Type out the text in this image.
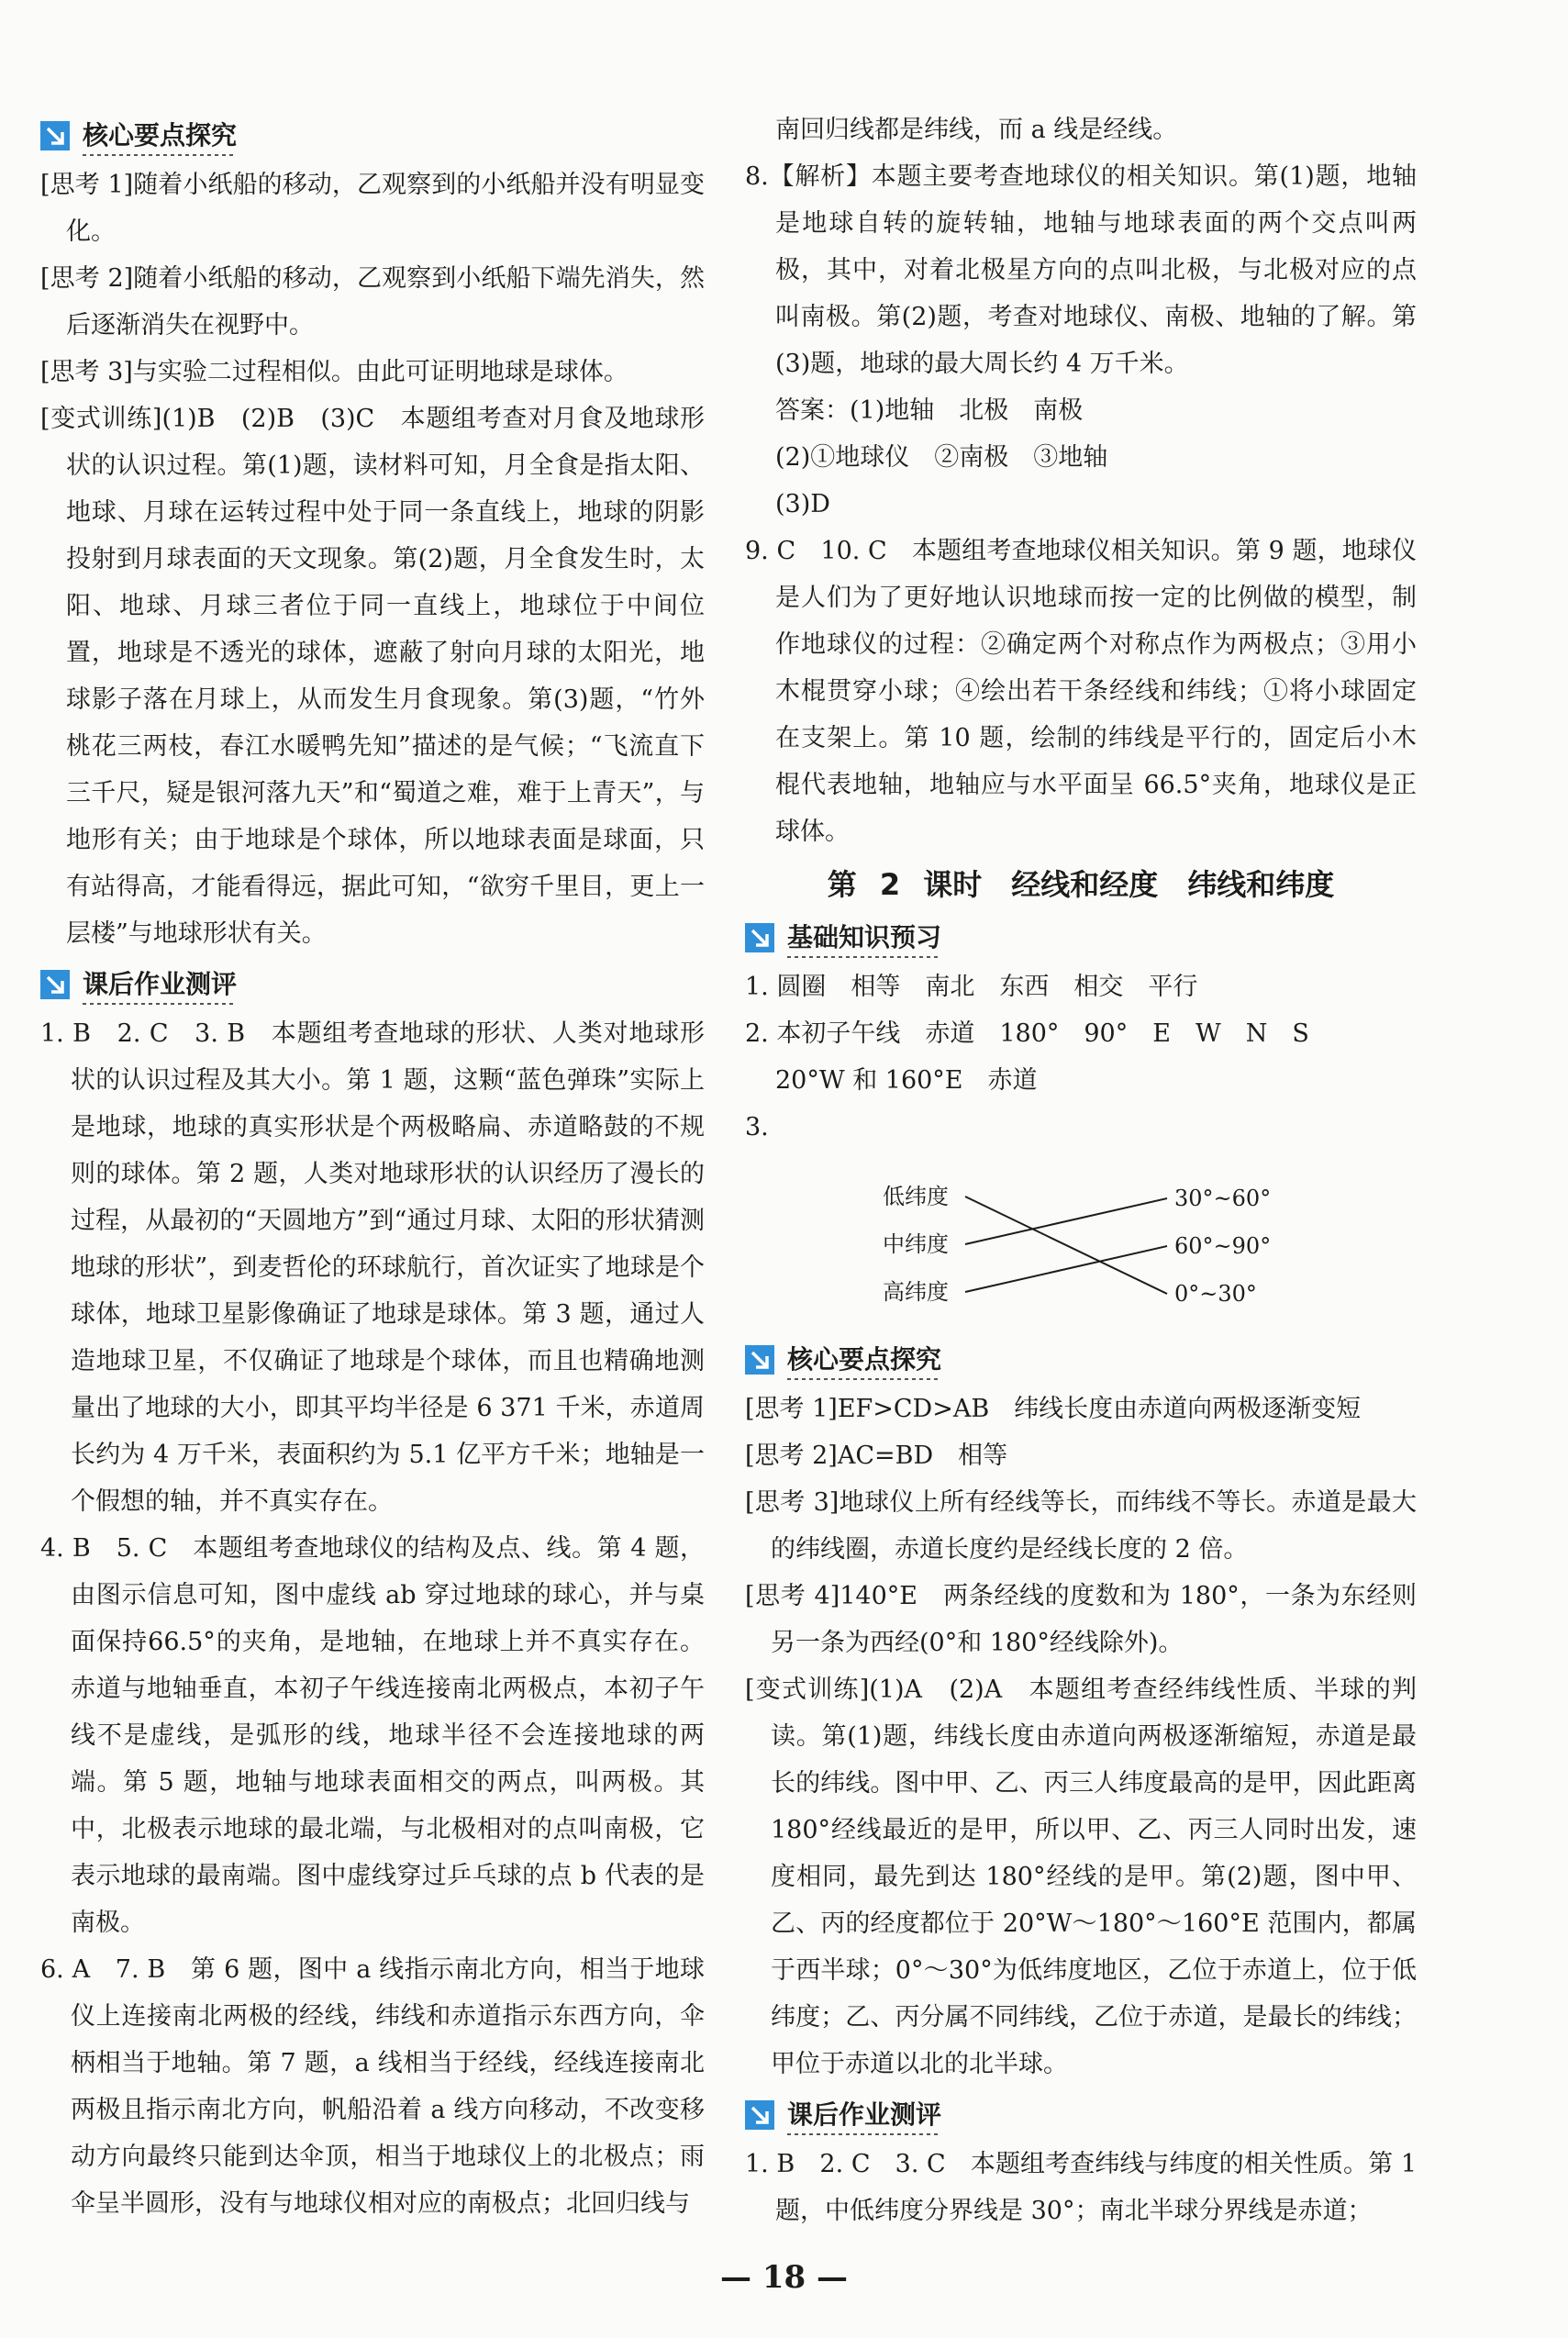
核心要点探究

[思考 1]随着小纸船的移动，乙观察到的小纸船并没有明显变化。

[思考 2]随着小纸船的移动，乙观察到小纸船下端先消失，然后逐渐消失在视野中。

[思考 3]与实验二过程相似。由此可证明地球是球体。

[变式训练](1)B　(2)B　(3)C　本题组考查对月食及地球形状的认识过程。第(1)题，读材料可知，月全食是指太阳、地球、月球在运转过程中处于同一条直线上，地球的阴影投射到月球表面的天文现象。第(2)题，月全食发生时，太阳、地球、月球三者位于同一直线上，地球位于中间位置，地球是不透光的球体，遮蔽了射向月球的太阳光，地球影子落在月球上，从而发生月食现象。第(3)题，“竹外桃花三两枝，春江水暖鸭先知”描述的是气候；“飞流直下三千尺，疑是银河落九天”和“蜀道之难，难于上青天”，与地形有关；由于地球是个球体，所以地球表面是球面，只有站得高，才能看得远，据此可知，“欲穷千里目，更上一层楼”与地球形状有关。

课后作业测评

1. B　2. C　3. B　本题组考查地球的形状、人类对地球形状的认识过程及其大小。第 1 题，这颗“蓝色弹珠”实际上是地球，地球的真实形状是个两极略扁、赤道略鼓的不规则的球体。第 2 题，人类对地球形状的认识经历了漫长的过程，从最初的“天圆地方”到“通过月球、太阳的形状猜测地球的形状”，到麦哲伦的环球航行，首次证实了地球是个球体，地球卫星影像确证了地球是球体。第 3 题，通过人造地球卫星，不仅确证了地球是个球体，而且也精确地测量出了地球的大小，即其平均半径是 6 371 千米，赤道周长约为 4 万千米，表面积约为 5.1 亿平方千米；地轴是一个假想的轴，并不真实存在。

4. B　5. C　本题组考查地球仪的结构及点、线。第 4 题，由图示信息可知，图中虚线 ab 穿过地球的球心，并与桌面保持66.5°的夹角，是地轴，在地球上并不真实存在。赤道与地轴垂直，本初子午线连接南北两极点，本初子午线不是虚线，是弧形的线，地球半径不会连接地球的两端。第 5 题，地轴与地球表面相交的两点，叫两极。其中，北极表示地球的最北端，与北极相对的点叫南极，它表示地球的最南端。图中虚线穿过乒乓球的点 b 代表的是南极。

6. A　7. B　第 6 题，图中 a 线指示南北方向，相当于地球仪上连接南北两极的经线，纬线和赤道指示东西方向，伞柄相当于地轴。第 7 题，a 线相当于经线，经线连接南北两极且指示南北方向，帆船沿着 a 线方向移动，不改变移动方向最终只能到达伞顶，相当于地球仪上的北极点；雨伞呈半圆形，没有与地球仪相对应的南极点；北回归线与

南回归线都是纬线，而 a 线是经线。

8.【解析】本题主要考查地球仪的相关知识。第(1)题，地轴是地球自转的旋转轴，地轴与地球表面的两个交点叫两极，其中，对着北极星方向的点叫北极，与北极对应的点叫南极。第(2)题，考查对地球仪、南极、地轴的了解。第(3)题，地球的最大周长约 4 万千米。

答案：(1)地轴　北极　南极

(2)①地球仪　②南极　③地轴

(3)D

9. C　10. C　本题组考查地球仪相关知识。第 9 题，地球仪是人们为了更好地认识地球而按一定的比例做的模型，制作地球仪的过程：②确定两个对称点作为两极点；③用小木棍贯穿小球；④绘出若干条经线和纬线；①将小球固定在支架上。第 10 题，绘制的纬线是平行的，固定后小木棍代表地轴，地轴应与水平面呈 66.5°夹角，地球仪是正球体。

第 2 课时　经线和经度　纬线和纬度
基础知识预习

1. 圆圈　相等　南北　东西　相交　平行

2. 本初子午线　赤道　180°　90°　E　W　N　S

20°W 和 160°E　赤道

3.

低纬度
中纬度
高纬度
30°~60°
60°~90°
0°~30°
核心要点探究

[思考 1]EF>CD>AB　纬线长度由赤道向两极逐渐变短

[思考 2]AC=BD　相等

[思考 3]地球仪上所有经线等长，而纬线不等长。赤道是最大的纬线圈，赤道长度约是经线长度的 2 倍。

[思考 4]140°E　两条经线的度数和为 180°，一条为东经则另一条为西经(0°和 180°经线除外)。

[变式训练](1)A　(2)A　本题组考查经纬线性质、半球的判读。第(1)题，纬线长度由赤道向两极逐渐缩短，赤道是最长的纬线。图中甲、乙、丙三人纬度最高的是甲，因此距离 180°经线最近的是甲，所以甲、乙、丙三人同时出发，速度相同，最先到达 180°经线的是甲。第(2)题，图中甲、乙、丙的经度都位于 20°W～180°～160°E 范围内，都属于西半球；0°～30°为低纬度地区，乙位于赤道上，位于低纬度；乙、丙分属不同纬线，乙位于赤道，是最长的纬线；甲位于赤道以北的北半球。

课后作业测评

1. B　2. C　3. C　本题组考查纬线与纬度的相关性质。第 1 题，中低纬度分界线是 30°；南北半球分界线是赤道；

— 18 —
